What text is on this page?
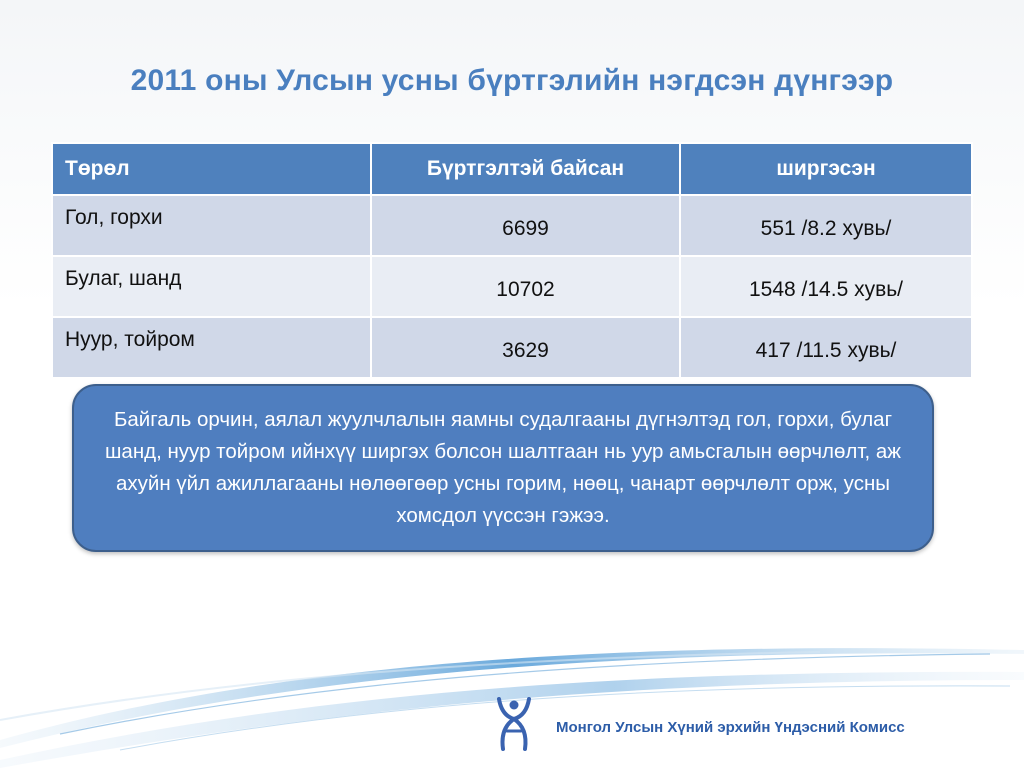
2011 оны Улсын усны бүртгэлийн нэгдсэн дүнгээр
Төрөл	Бүртгэлтэй байсан	ширгэсэн
Гол, горхи	6699	551 /8.2 хувь/
Булаг, шанд	10702	1548 /14.5 хувь/
Нуур, тойром	3629	417 /11.5 хувь/
Байгаль орчин, аялал жуулчлалын яамны судалгааны дүгнэлтэд гол, горхи, булаг шанд, нуур тойром ийнхүү ширгэх болсон шалтгаан нь уур амьсгалын өөрчлөлт, аж ахуйн үйл ажиллагааны нөлөөгөөр усны горим, нөөц, чанарт өөрчлөлт орж, усны хомсдол үүссэн гэжээ.
Монгол Улсын Хүний эрхийн Үндэсний Комисс
